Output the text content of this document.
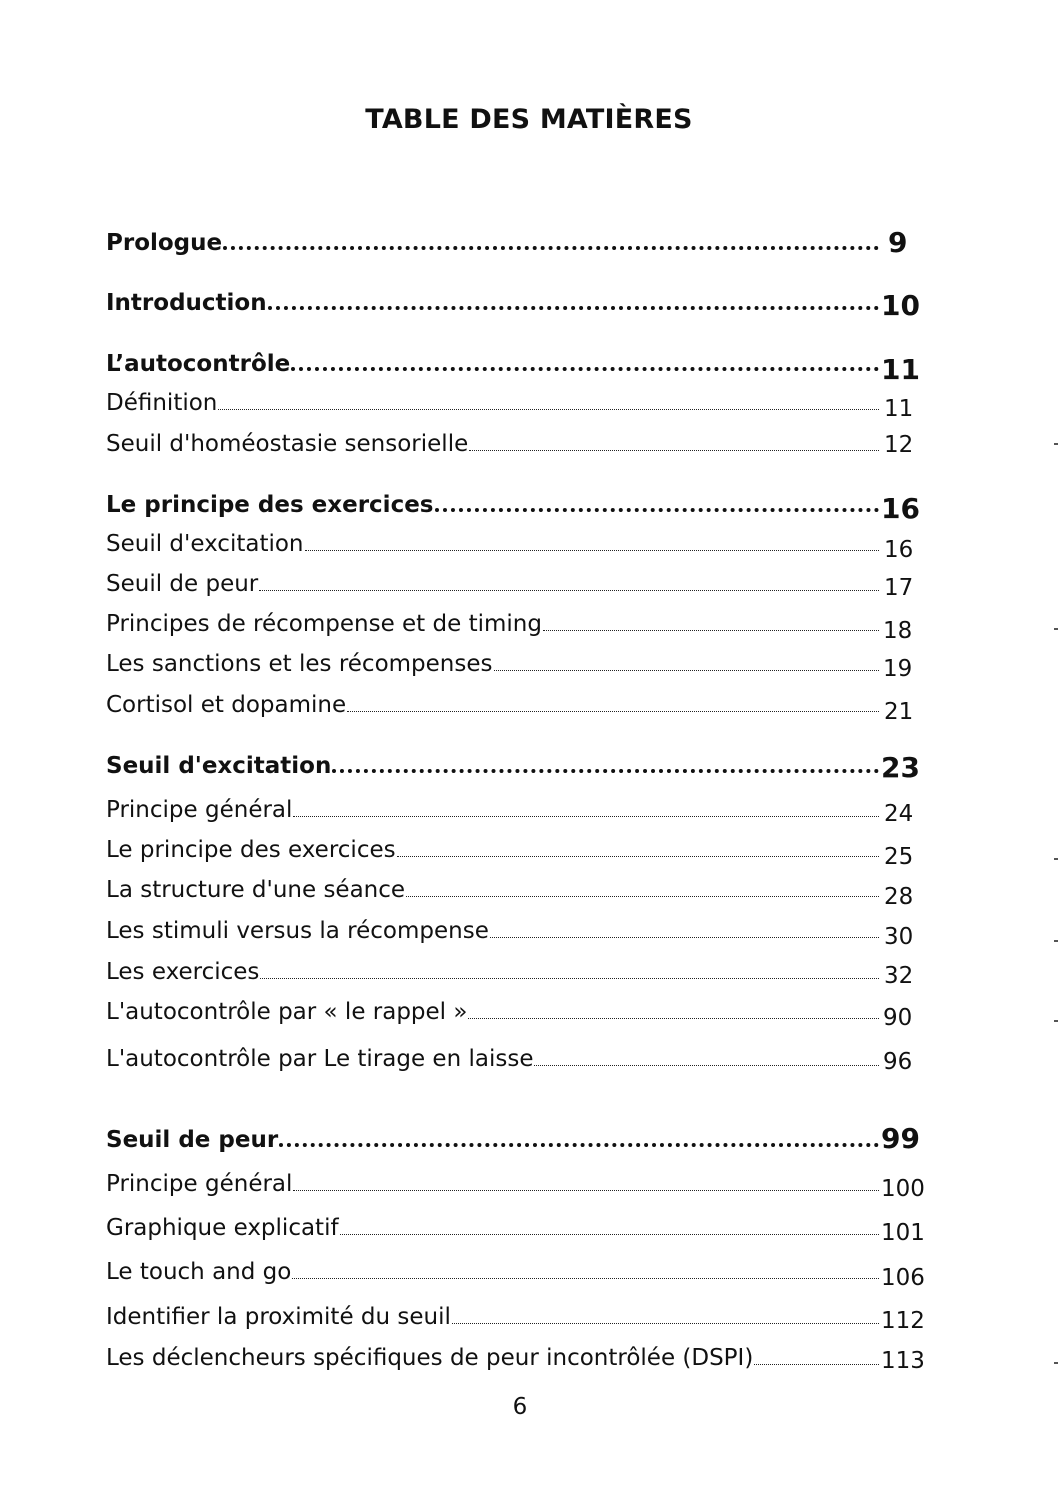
TABLE DES MATIÈRES
Prologue	9
Introduction	10
L’autocontrôle	11
Définition	11
Seuil d'homéostasie sensorielle	12
Le principe des exercices	16
Seuil d'excitation	16
Seuil de peur	17
Principes de récompense et de timing	18
Les sanctions et les récompenses	19
Cortisol et dopamine	21
Seuil d'excitation	23
Principe général	24
Le principe des exercices	25
La structure d'une séance	28
Les stimuli versus la récompense	30
Les exercices	32
L'autocontrôle par « le rappel »	90
L'autocontrôle par Le tirage en laisse	96
Seuil de peur	99
Principe général	100
Graphique explicatif	101
Le touch and go	106
Identifier la proximité du seuil	112
Les déclencheurs spécifiques de peur incontrôlée (DSPI)	113
6
